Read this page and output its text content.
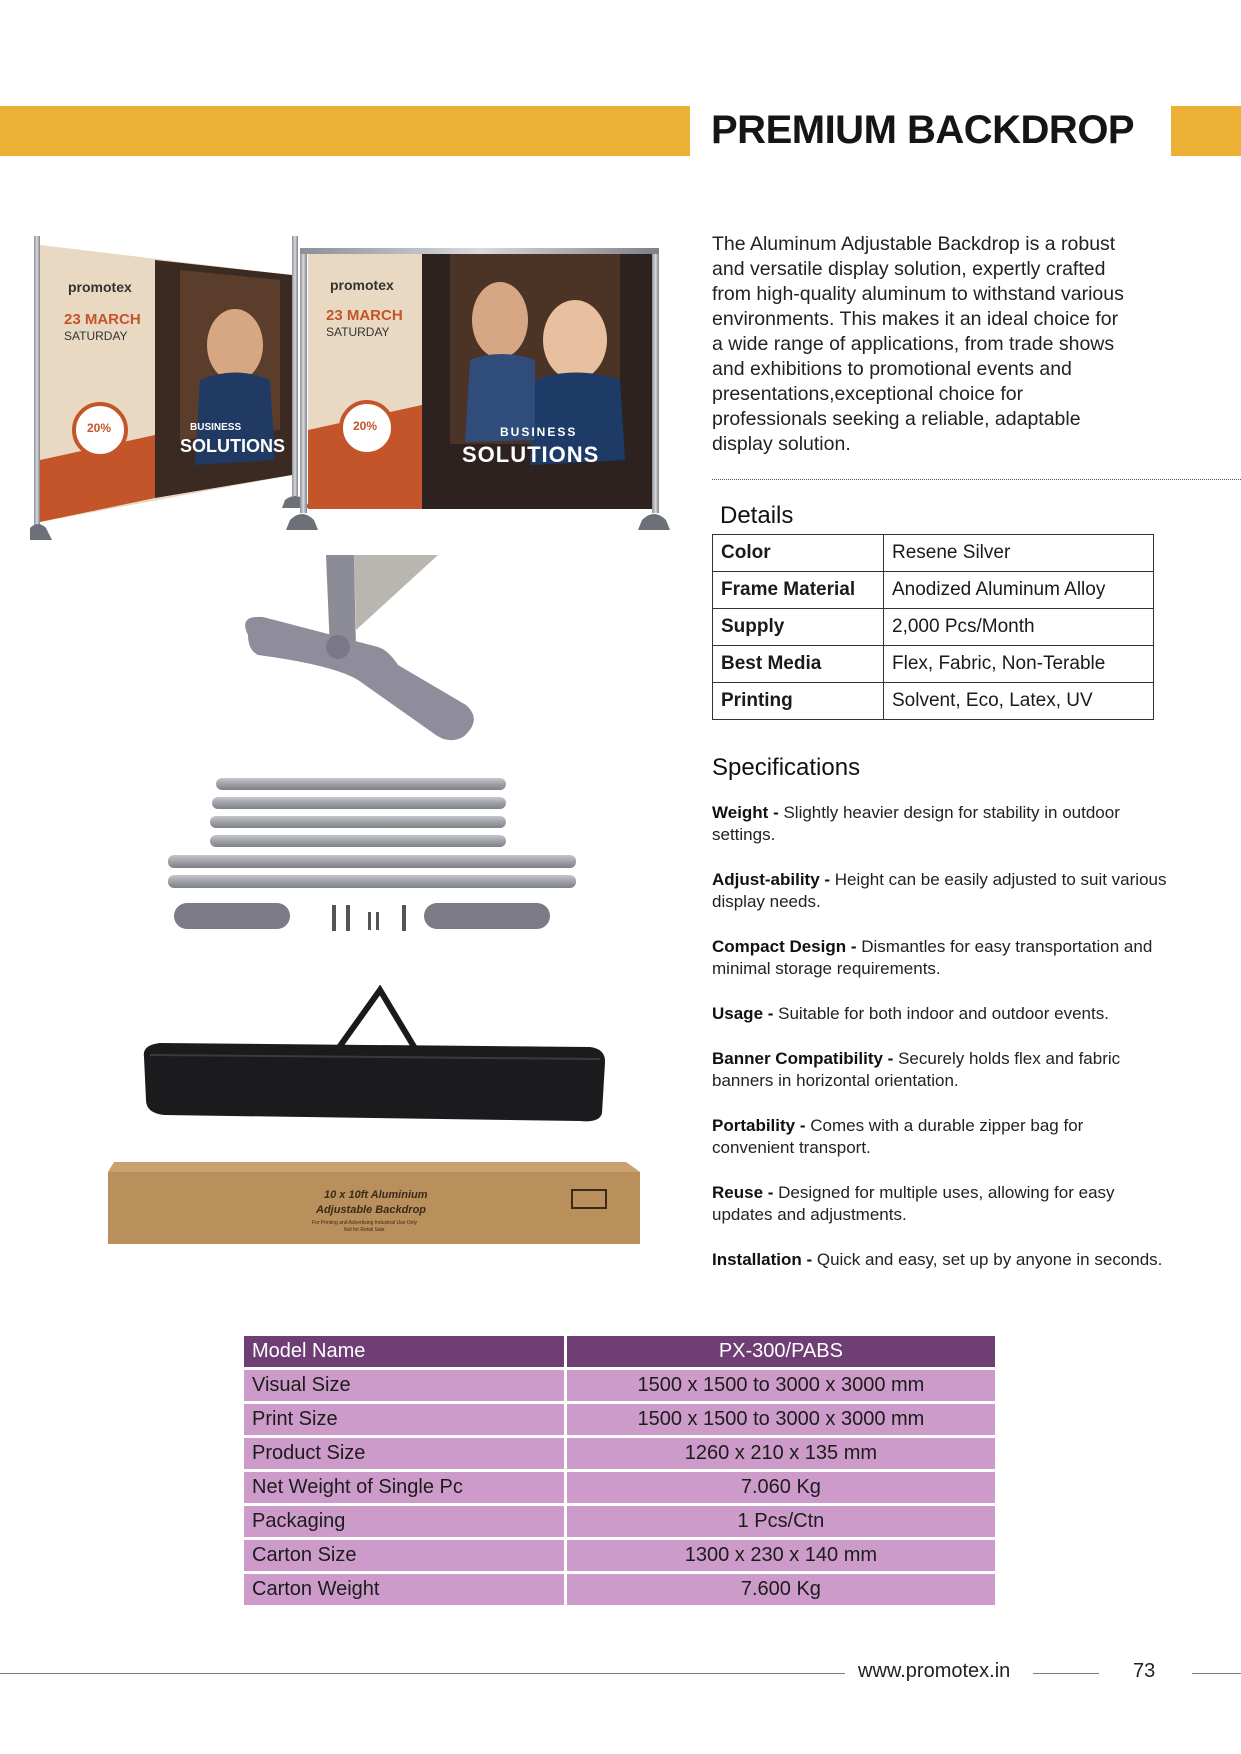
PREMIUM BACKDROP
promotex
23 MARCH
SATURDAY
20%	BUSINESS
SOLUTIONS
promotex
23 MARCH
SATURDAY
20%	BUSINESS
SOLUTIONS
10 x 10ft Aluminium
Adjustable Backdrop
For Printing and Advertising Industrial Use Only
Not for Retail Sale
The Aluminum Adjustable Backdrop is a robust and versatile display solution, expertly crafted from high-quality aluminum to withstand various environments. This makes it an ideal choice for a wide range of applications, from trade shows and exhibitions to promotional events and presentations,exceptional choice for professionals seeking a reliable, adaptable display solution.
Details
Color	Resene Silver
Frame Material	Anodized Aluminum Alloy
Supply	2,000 Pcs/Month
Best Media	Flex, Fabric, Non-Terable
Printing	Solvent, Eco, Latex, UV
Specifications
Weight - Slightly heavier design for stability in outdoor settings.
Adjust-ability - Height can be easily adjusted to suit various display needs.
Compact Design - Dismantles for easy transportation and minimal storage requirements.
Usage - Suitable for both indoor and outdoor events.
Banner Compatibility - Securely holds flex and fabric banners in horizontal orientation.
Portability - Comes with a durable zipper bag for convenient transport.
Reuse - Designed for multiple uses, allowing for easy updates and adjustments.
Installation - Quick and easy, set up by anyone in seconds.
Model Name	PX-300/PABS
Visual Size	1500 x 1500 to 3000 x 3000 mm
Print Size	1500 x 1500 to 3000 x 3000 mm
Product Size	1260 x 210 x 135 mm
Net Weight of Single Pc	7.060 Kg
Packaging	1 Pcs/Ctn
Carton Size	1300 x 230 x 140 mm
Carton Weight	7.600 Kg
www.promotex.in	73
